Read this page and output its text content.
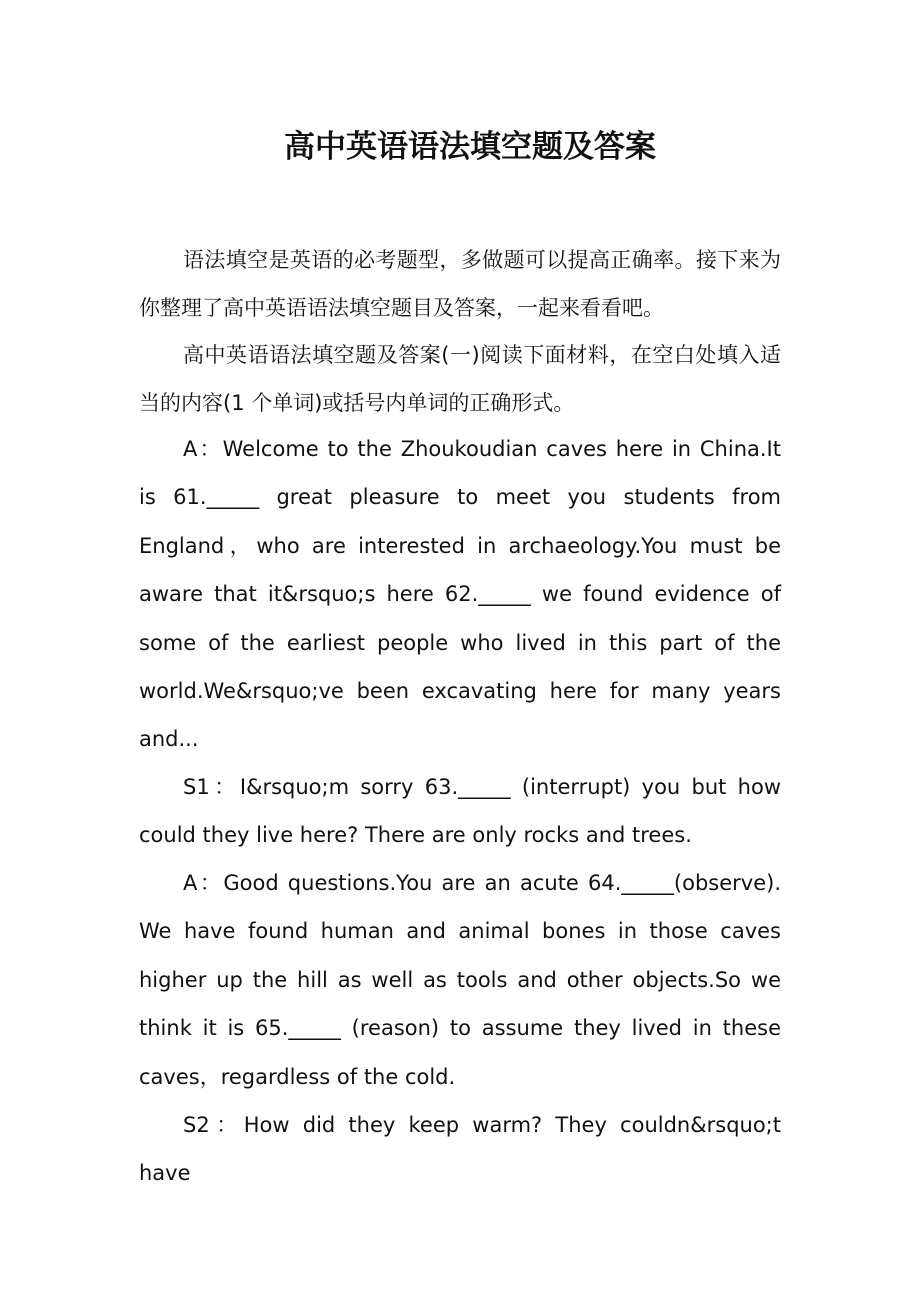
高中英语语法填空题及答案

语法填空是英语的必考题型，多做题可以提高正确率。接下来为你整理了高中英语语法填空题目及答案，一起来看看吧。

高中英语语法填空题及答案(一)阅读下面材料，在空白处填入适当的内容(1 个单词)或括号内单词的正确形式。

A：Welcome to the Zhoukoudian caves here in China.It is 61._____ great pleasure to meet you students from England，who are interested in archaeology.You must be aware that it&rsquo;s here 62._____ we found evidence of some of the earliest people who lived in this part of the world.We&rsquo;ve been excavating here for many years and...

S1：I&rsquo;m sorry 63._____ (interrupt) you but how could they live here? There are only rocks and trees.

A：Good questions.You are an acute 64._____(observe). We have found human and animal bones in those caves higher up the hill as well as tools and other objects.So we think it is 65._____ (reason) to assume they lived in these caves，regardless of the cold.

S2：How did they keep warm? They couldn&rsquo;t have
